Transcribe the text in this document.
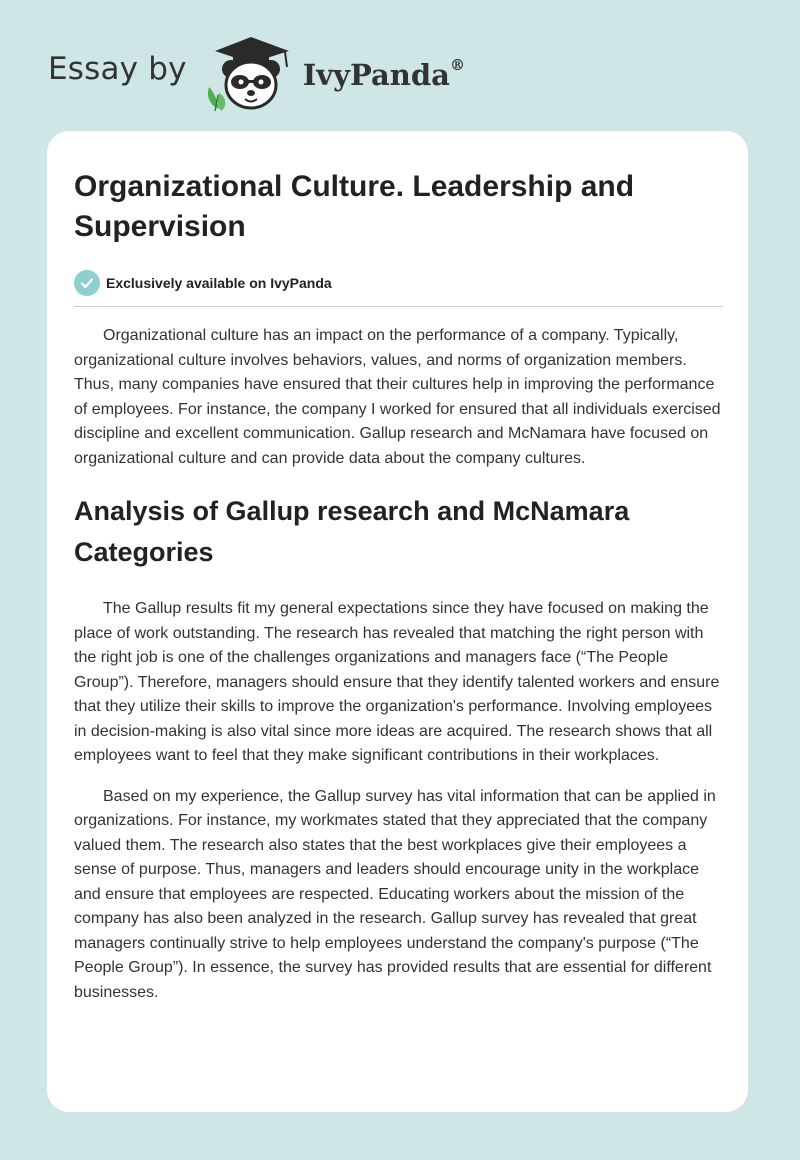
Essay by	IvyPanda®
Organizational Culture. Leadership and Supervision
Exclusively available on IvyPanda

Organizational culture has an impact on the performance of a company. Typically, organizational culture involves behaviors, values, and norms of organization members. Thus, many companies have ensured that their cultures help in improving the performance of employees. For instance, the company I worked for ensured that all individuals exercised discipline and excellent communication. Gallup research and McNamara have focused on organizational culture and can provide data about the company cultures.

Analysis of Gallup research and McNamara Categories

The Gallup results fit my general expectations since they have focused on making the place of work outstanding. The research has revealed that matching the right person with the right job is one of the challenges organizations and managers face (“The People Group”). Therefore, managers should ensure that they identify talented workers and ensure that they utilize their skills to improve the organization's performance. Involving employees in decision-making is also vital since more ideas are acquired. The research shows that all employees want to feel that they make significant contributions in their workplaces.

Based on my experience, the Gallup survey has vital information that can be applied in organizations. For instance, my workmates stated that they appreciated that the company valued them. The research also states that the best workplaces give their employees a sense of purpose. Thus, managers and leaders should encourage unity in the workplace and ensure that employees are respected. Educating workers about the mission of the company has also been analyzed in the research. Gallup survey has revealed that great managers continually strive to help employees understand the company's purpose (“The People Group”). In essence, the survey has provided results that are essential for different businesses.
